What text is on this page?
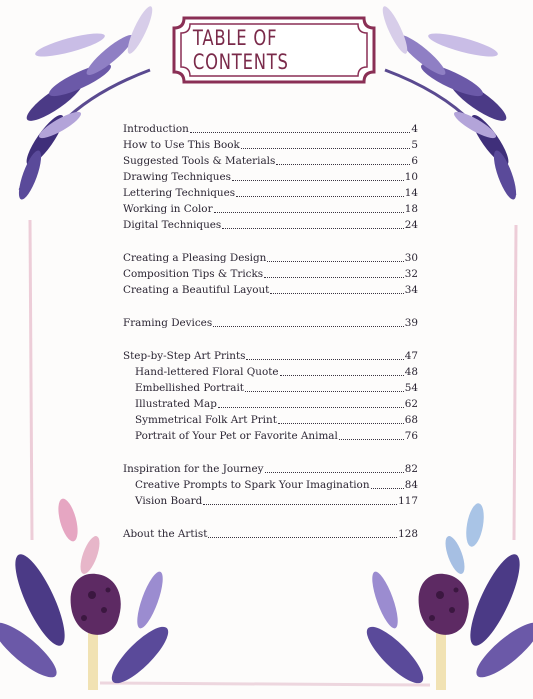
TABLE OF CONTENTS
Introduction	4
How to Use This Book	5
Suggested Tools & Materials	6
Drawing Techniques	10
Lettering Techniques	14
Working in Color	18
Digital Techniques	24
Creating a Pleasing Design	30
Composition Tips & Tricks	32
Creating a Beautiful Layout	34
Framing Devices	39
Step-by-Step Art Prints	47
Hand-lettered Floral Quote	48
Embellished Portrait	54
Illustrated Map	62
Symmetrical Folk Art Print	68
Portrait of Your Pet or Favorite Animal	76
Inspiration for the Journey	82
Creative Prompts to Spark Your Imagination	84
Vision Board	117
About the Artist	128
